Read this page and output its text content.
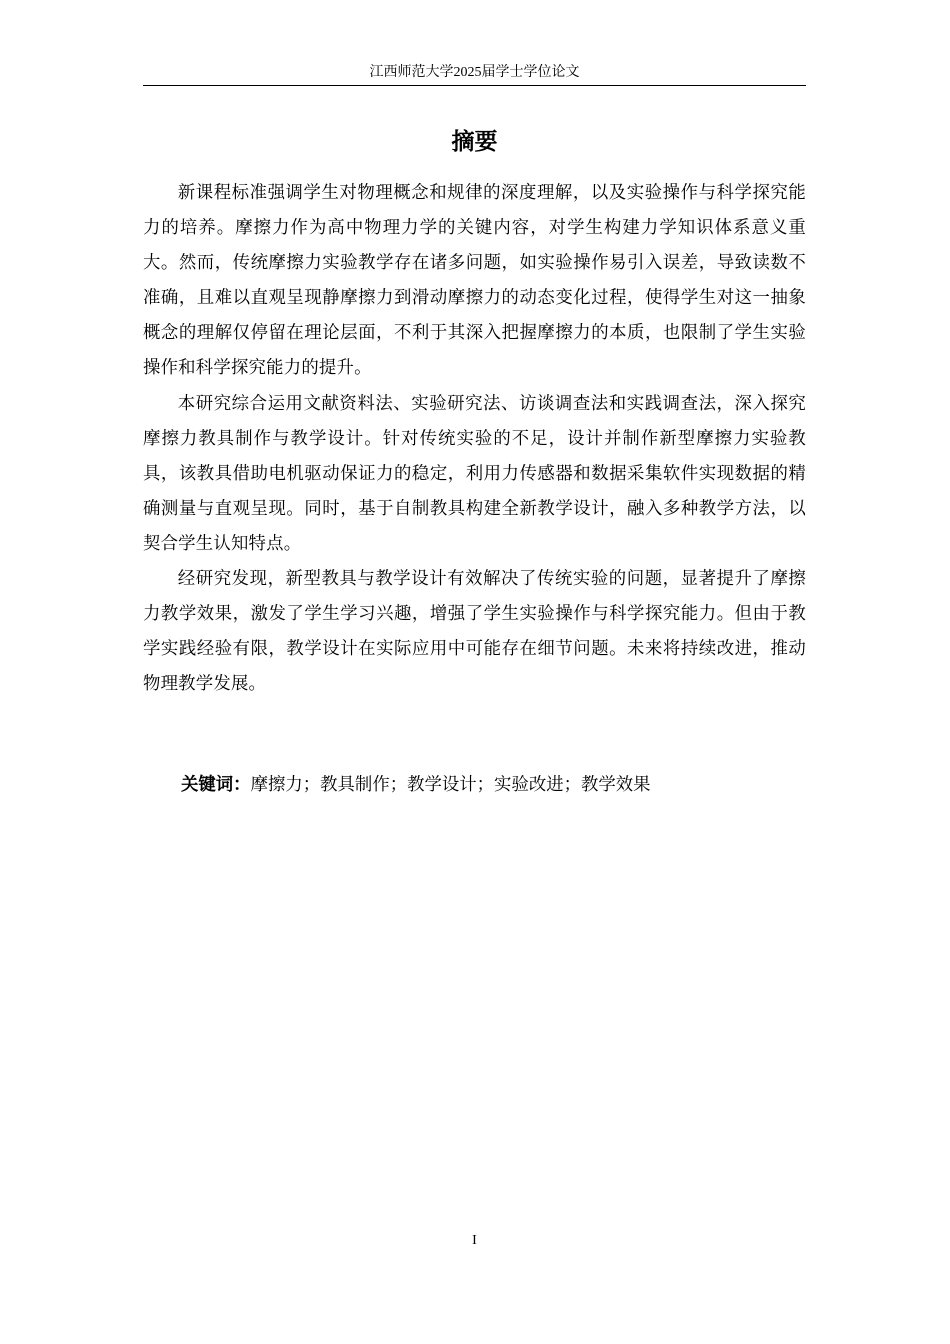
江西师范大学2025届学士学位论文
摘要

新课程标准强调学生对物理概念和规律的深度理解，以及实验操作与科学探究能力的培养。摩擦力作为高中物理力学的关键内容，对学生构建力学知识体系意义重大。然而，传统摩擦力实验教学存在诸多问题，如实验操作易引入误差，导致读数不准确，且难以直观呈现静摩擦力到滑动摩擦力的动态变化过程，使得学生对这一抽象概念的理解仅停留在理论层面，不利于其深入把握摩擦力的本质，也限制了学生实验操作和科学探究能力的提升。

本研究综合运用文献资料法、实验研究法、访谈调查法和实践调查法，深入探究摩擦力教具制作与教学设计。针对传统实验的不足，设计并制作新型摩擦力实验教具，该教具借助电机驱动保证力的稳定，利用力传感器和数据采集软件实现数据的精确测量与直观呈现。同时，基于自制教具构建全新教学设计，融入多种教学方法，以契合学生认知特点。

经研究发现，新型教具与教学设计有效解决了传统实验的问题，显著提升了摩擦力教学效果，激发了学生学习兴趣，增强了学生实验操作与科学探究能力。但由于教学实践经验有限，教学设计在实际应用中可能存在细节问题。未来将持续改进，推动物理教学发展。

关键词：摩擦力；教具制作；教学设计；实验改进；教学效果
I
